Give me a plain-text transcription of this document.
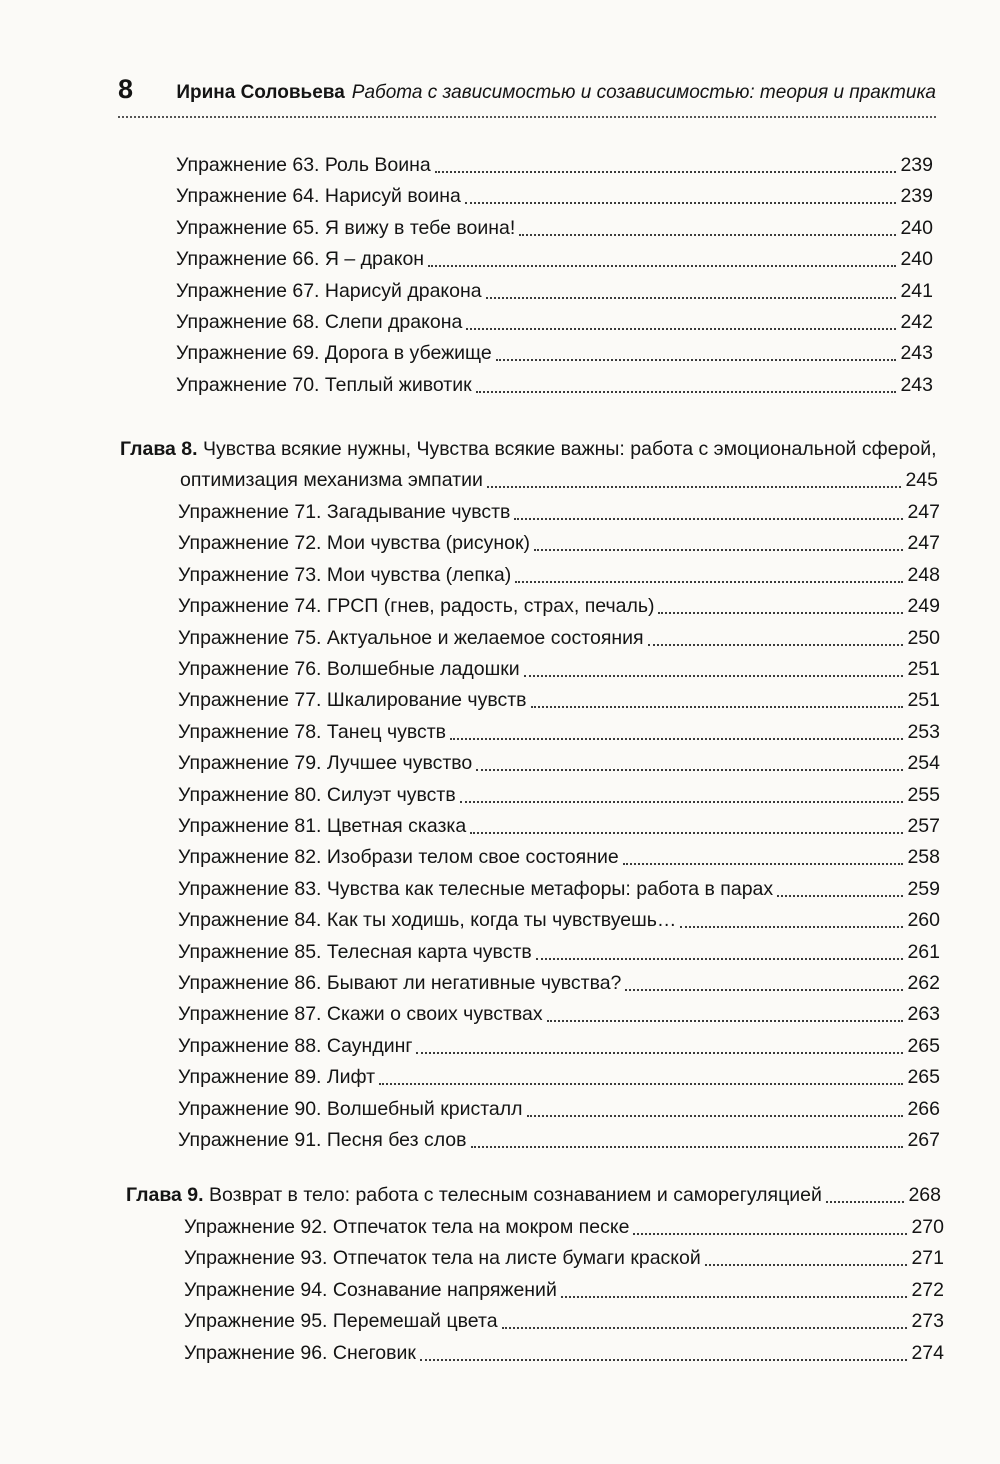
8	Ирина Соловьева Работа с зависимостью и созависимостью: теория и практика
Упражнение 63. Роль Воина	239
Упражнение 64. Нарисуй воина	239
Упражнение 65. Я вижу в тебе воина!	240
Упражнение 66. Я – дракон	240
Упражнение 67. Нарисуй дракона	241
Упражнение 68. Слепи дракона	242
Упражнение 69. Дорога в убежище	243
Упражнение 70. Теплый животик	243
Глава 8. Чувства всякие нужны, Чувства всякие важны: работа с эмоциональной сферой,
оптимизация механизма эмпатии	245
Упражнение 71. Загадывание чувств	247
Упражнение 72. Мои чувства (рисунок)	247
Упражнение 73. Мои чувства (лепка)	248
Упражнение 74. ГРСП (гнев, радость, страх, печаль)	249
Упражнение 75. Актуальное и желаемое состояния	250
Упражнение 76. Волшебные ладошки	251
Упражнение 77. Шкалирование чувств	251
Упражнение 78. Танец чувств	253
Упражнение 79. Лучшее чувство	254
Упражнение 80. Силуэт чувств	255
Упражнение 81. Цветная сказка	257
Упражнение 82. Изобрази телом свое состояние	258
Упражнение 83. Чувства как телесные метафоры: работа в парах	259
Упражнение 84. Как ты ходишь, когда ты чувствуешь…	260
Упражнение 85. Телесная карта чувств	261
Упражнение 86. Бывают ли негативные чувства?	262
Упражнение 87. Скажи о своих чувствах	263
Упражнение 88. Саундинг	265
Упражнение 89. Лифт	265
Упражнение 90. Волшебный кристалл	266
Упражнение 91. Песня без слов	267
Глава 9. Возврат в тело: работа с телесным сознаванием и саморегуляцией	268
Упражнение 92. Отпечаток тела на мокром песке	270
Упражнение 93. Отпечаток тела на листе бумаги краской	271
Упражнение 94. Сознавание напряжений	272
Упражнение 95. Перемешай цвета	273
Упражнение 96. Снеговик	274
